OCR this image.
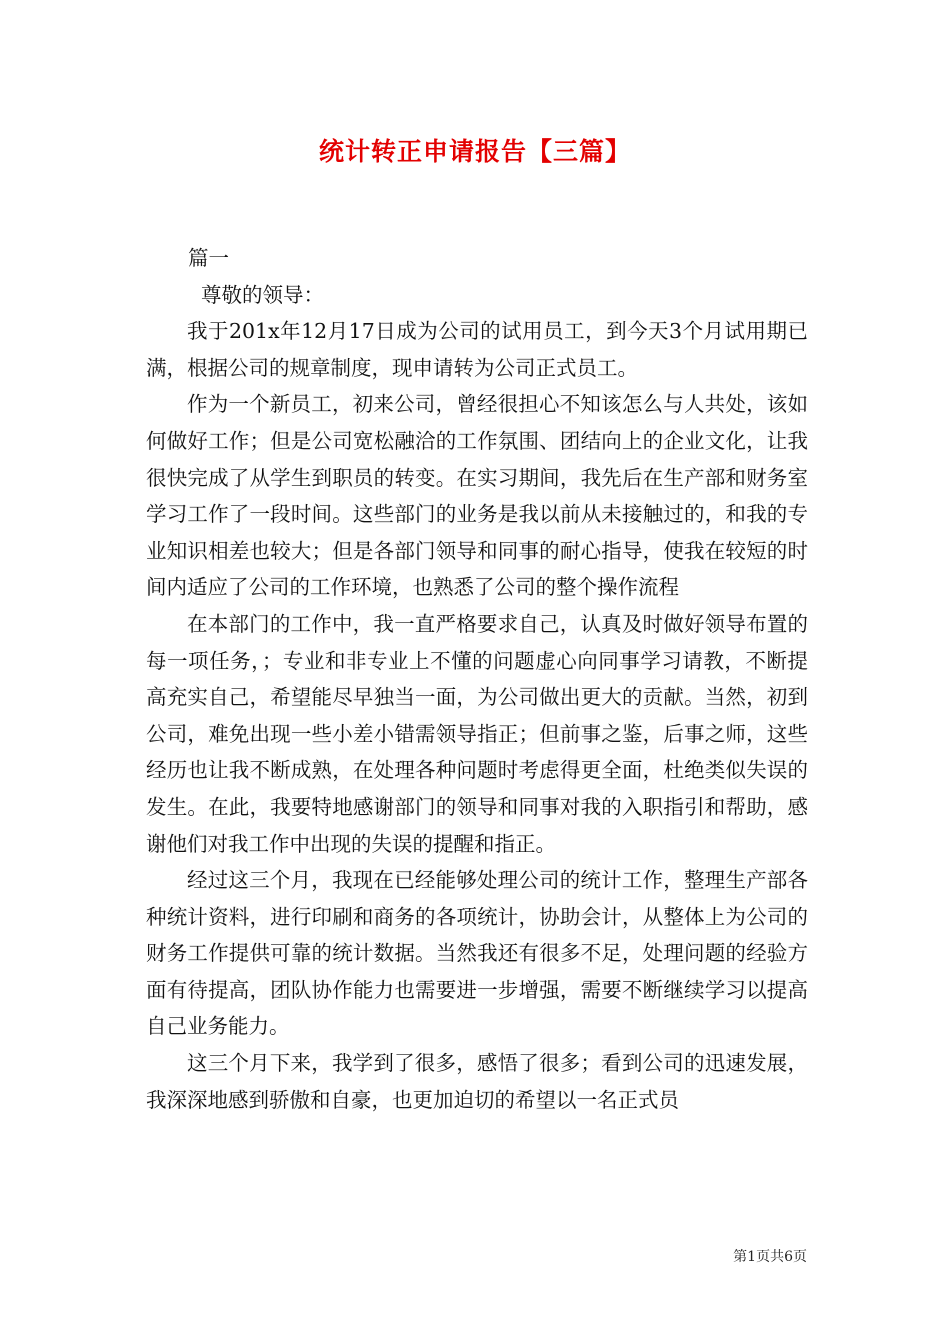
统计转正申请报告【三篇】

篇一

尊敬的领导：

我于201x年12月17日成为公司的试用员工，到今天3个月试用期已满，根据公司的规章制度，现申请转为公司正式员工。

作为一个新员工，初来公司，曾经很担心不知该怎么与人共处，该如何做好工作；但是公司宽松融洽的工作氛围、团结向上的企业文化，让我很快完成了从学生到职员的转变。在实习期间，我先后在生产部和财务室学习工作了一段时间。这些部门的业务是我以前从未接触过的，和我的专业知识相差也较大；但是各部门领导和同事的耐心指导，使我在较短的时间内适应了公司的工作环境，也熟悉了公司的整个操作流程

在本部门的工作中，我一直严格要求自己，认真及时做好领导布置的每一项任务，；专业和非专业上不懂的问题虚心向同事学习请教，不断提高充实自己，希望能尽早独当一面，为公司做出更大的贡献。当然，初到公司，难免出现一些小差小错需领导指正；但前事之鉴，后事之师，这些经历也让我不断成熟，在处理各种问题时考虑得更全面，杜绝类似失误的发生。在此，我要特地感谢部门的领导和同事对我的入职指引和帮助，感谢他们对我工作中出现的失误的提醒和指正。

经过这三个月，我现在已经能够处理公司的统计工作，整理生产部各种统计资料，进行印刷和商务的各项统计，协助会计，从整体上为公司的财务工作提供可靠的统计数据。当然我还有很多不足，处理问题的经验方面有待提高，团队协作能力也需要进一步增强，需要不断继续学习以提高自己业务能力。

这三个月下来，我学到了很多，感悟了很多；看到公司的迅速发展，我深深地感到骄傲和自豪，也更加迫切的希望以一名正式员

第1页共6页
